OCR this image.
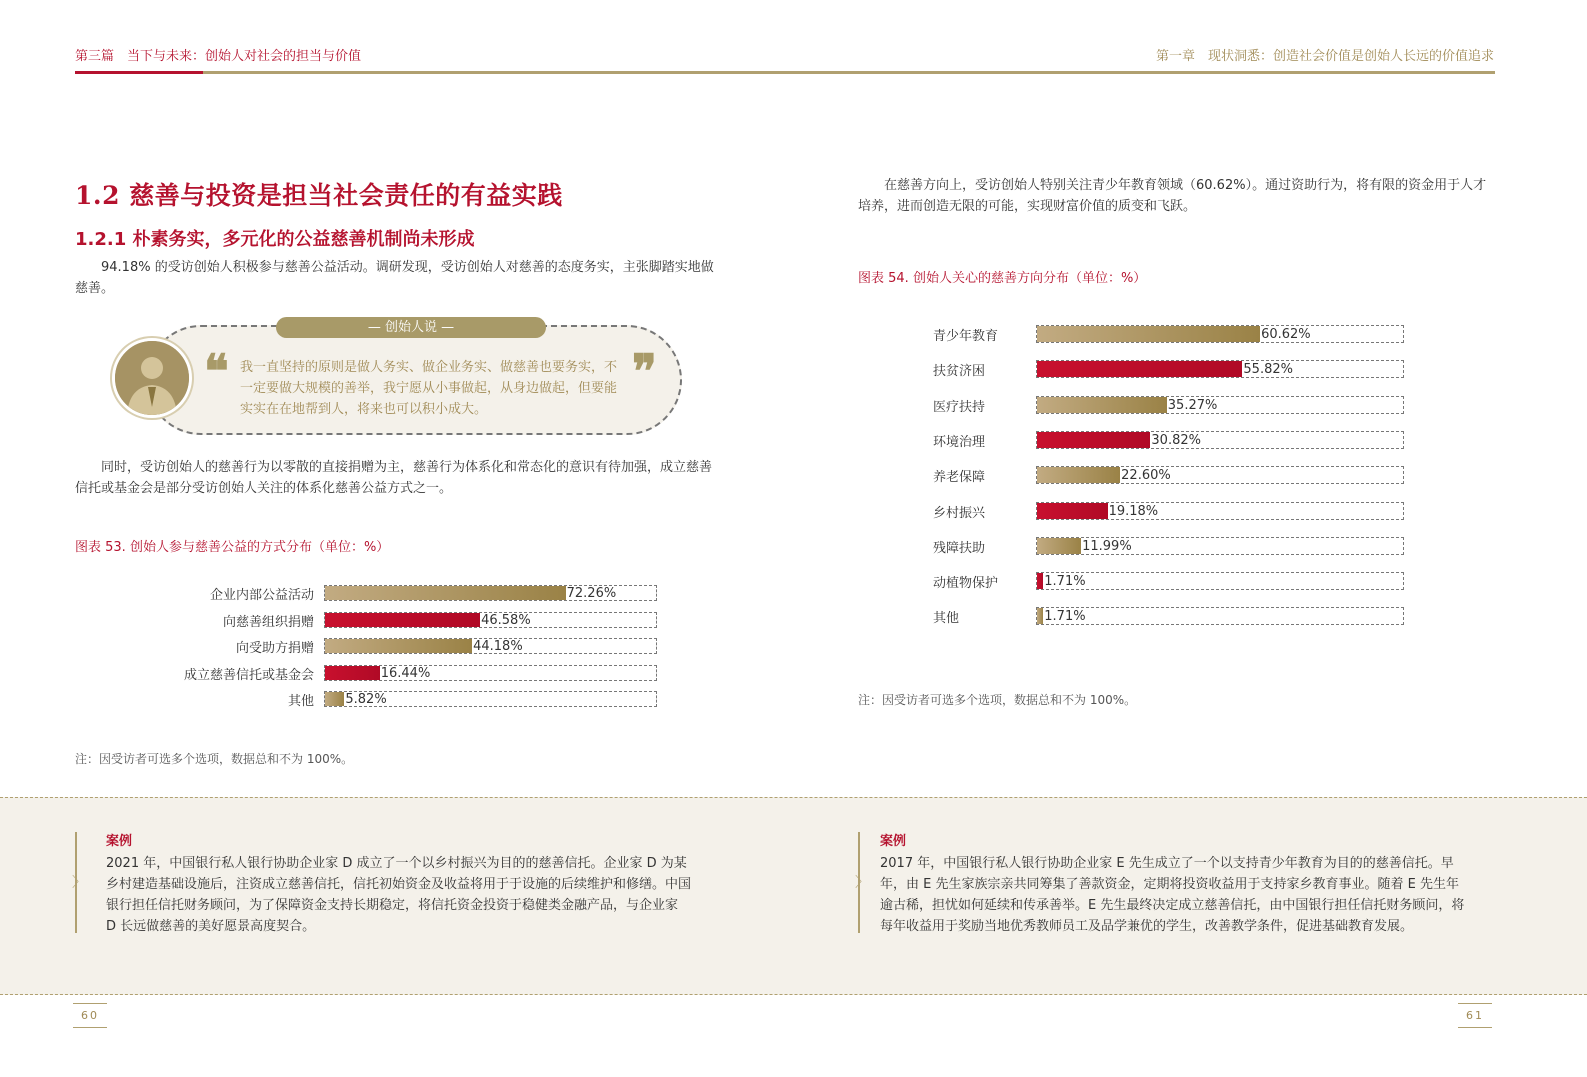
第三篇　当下与未来：创始人对社会的担当与价值	第一章　现状洞悉：创造社会价值是创始人长远的价值追求
1.2 慈善与投资是担当社会责任的有益实践
1.2.1 朴素务实，多元化的公益慈善机制尚未形成
94.18% 的受访创始人积极参与慈善公益活动。调研发现，受访创始人对慈善的态度务实，主张脚踏实地做慈善。
— 创始人说 —
❝	❞
我一直坚持的原则是做人务实、做企业务实、做慈善也要务实，不一定要做大规模的善举，我宁愿从小事做起，从身边做起，但要能实实在在地帮到人，将来也可以积小成大。
同时，受访创始人的慈善行为以零散的直接捐赠为主，慈善行为体系化和常态化的意识有待加强，成立慈善信托或基金会是部分受访创始人关注的体系化慈善公益方式之一。
图表 53. 创始人参与慈善公益的方式分布（单位：%）
企业内部公益活动	72.26%
向慈善组织捐赠	46.58%
向受助方捐赠	44.18%
成立慈善信托或基金会	16.44%
其他 5.82%
注：因受访者可选多个选项，数据总和不为 100%。
在慈善方向上，受访创始人特别关注青少年教育领域（60.62%）。通过资助行为，将有限的资金用于人才培养，进而创造无限的可能，实现财富价值的质变和飞跃。
图表 54. 创始人关心的慈善方向分布（单位：%）
青少年教育	60.62%
扶贫济困	55.82%
医疗扶持	35.27%
环境治理	30.82%
养老保障	22.60%
乡村振兴	19.18%
残障扶助	11.99%
动植物保护	1.71%
其他	1.71%
注：因受访者可选多个选项，数据总和不为 100%。
〉
案例
2021 年，中国银行私人银行协助企业家 D 成立了一个以乡村振兴为目的的慈善信托。企业家 D 为某乡村建造基础设施后，注资成立慈善信托，信托初始资金及收益将用于于设施的后续维护和修缮。中国银行担任信托财务顾问，为了保障资金支持长期稳定，将信托资金投资于稳健类金融产品，与企业家 D 长远做慈善的美好愿景高度契合。
〉
案例
2017 年，中国银行私人银行协助企业家 E 先生成立了一个以支持青少年教育为目的的慈善信托。早年，由 E 先生家族宗亲共同筹集了善款资金，定期将投资收益用于支持家乡教育事业。随着 E 先生年逾古稀，担忧如何延续和传承善举。E 先生最终决定成立慈善信托，由中国银行担任信托财务顾问，将每年收益用于奖励当地优秀教师员工及品学兼优的学生，改善教学条件，促进基础教育发展。
60	61
